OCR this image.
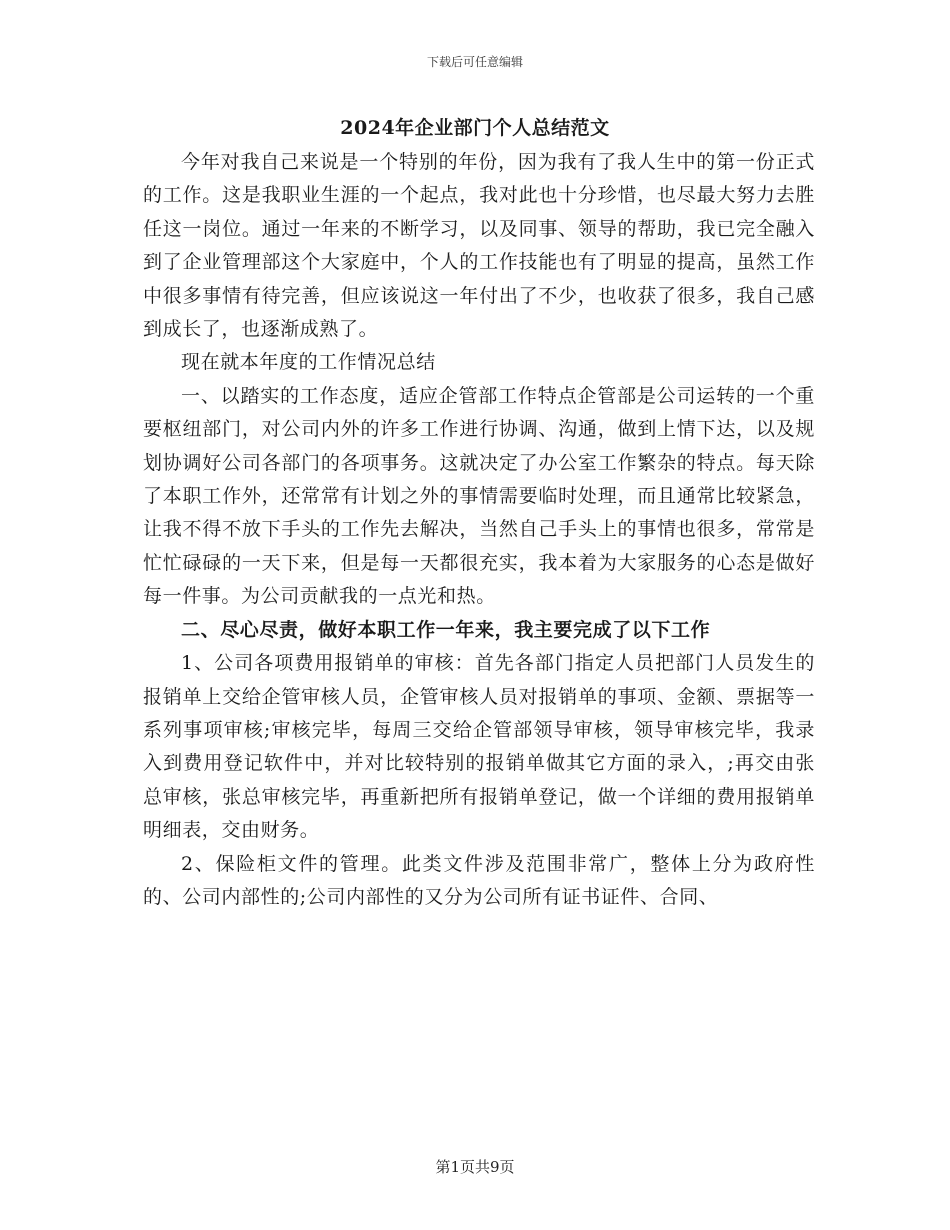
下载后可任意编辑
2024年企业部门个人总结范文

今年对我自己来说是一个特别的年份，因为我有了我人生中的第一份正式的工作。这是我职业生涯的一个起点，我对此也十分珍惜，也尽最大努力去胜任这一岗位。通过一年来的不断学习，以及同事、领导的帮助，我已完全融入到了企业管理部这个大家庭中，个人的工作技能也有了明显的提高，虽然工作中很多事情有待完善，但应该说这一年付出了不少，也收获了很多，我自己感到成长了，也逐渐成熟了。

现在就本年度的工作情况总结

一、以踏实的工作态度，适应企管部工作特点企管部是公司运转的一个重要枢纽部门，对公司内外的许多工作进行协调、沟通，做到上情下达，以及规划协调好公司各部门的各项事务。这就决定了办公室工作繁杂的特点。每天除了本职工作外，还常常有计划之外的事情需要临时处理，而且通常比较紧急，让我不得不放下手头的工作先去解决，当然自己手头上的事情也很多，常常是忙忙碌碌的一天下来，但是每一天都很充实，我本着为大家服务的心态是做好每一件事。为公司贡献我的一点光和热。

二、尽心尽责，做好本职工作一年来，我主要完成了以下工作

1、公司各项费用报销单的审核：首先各部门指定人员把部门人员发生的报销单上交给企管审核人员，企管审核人员对报销单的事项、金额、票据等一系列事项审核;审核完毕，每周三交给企管部领导审核，领导审核完毕，我录入到费用登记软件中，并对比较特别的报销单做其它方面的录入，;再交由张总审核，张总审核完毕，再重新把所有报销单登记，做一个详细的费用报销单明细表，交由财务。

2、保险柜文件的管理。此类文件涉及范围非常广，整体上分为政府性的、公司内部性的;公司内部性的又分为公司所有证书证件、合同、

第1页共9页
